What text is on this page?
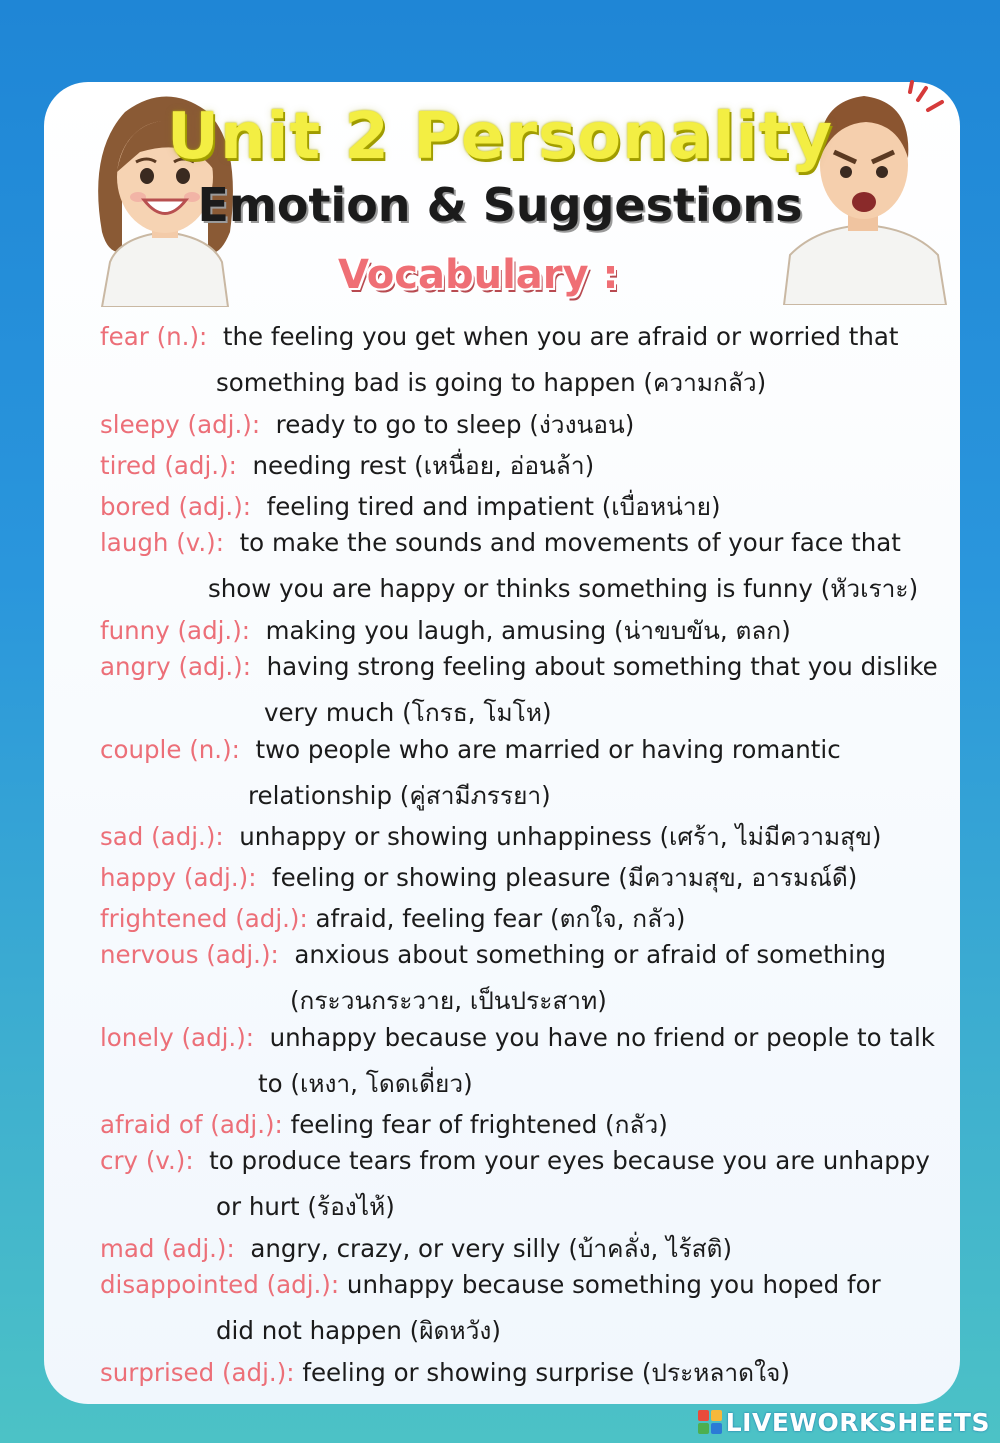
Unit 2 Personality
Emotion & Suggestions
Vocabulary :
fear (n.): the feeling you get when you are afraid or worried that
something bad is going to happen (ความกลัว)
sleepy (adj.): ready to go to sleep (ง่วงนอน)
tired (adj.): needing rest (เหนื่อย, อ่อนล้า)
bored (adj.): feeling tired and impatient (เบื่อหน่าย)
laugh (v.): to make the sounds and movements of your face that
show you are happy or thinks something is funny (หัวเราะ)
funny (adj.): making you laugh, amusing (น่าขบขัน, ตลก)
angry (adj.): having strong feeling about something that you dislike
very much (โกรธ, โมโห)
couple (n.): two people who are married or having romantic
relationship (คู่สามีภรรยา)
sad (adj.): unhappy or showing unhappiness (เศร้า, ไม่มีความสุข)
happy (adj.): feeling or showing pleasure (มีความสุข, อารมณ์ดี)
frightened (adj.): afraid, feeling fear (ตกใจ, กลัว)
nervous (adj.): anxious about something or afraid of something
(กระวนกระวาย, เป็นประสาท)
lonely (adj.): unhappy because you have no friend or people to talk
to (เหงา, โดดเดี่ยว)
afraid of (adj.): feeling fear of frightened (กลัว)
cry (v.): to produce tears from your eyes because you are unhappy
or hurt (ร้องไห้)
mad (adj.): angry, crazy, or very silly (บ้าคลั่ง, ไร้สติ)
disappointed (adj.): unhappy because something you hoped for
did not happen (ผิดหวัง)
surprised (adj.): feeling or showing surprise (ประหลาดใจ)
LIVEWORKSHEETS
